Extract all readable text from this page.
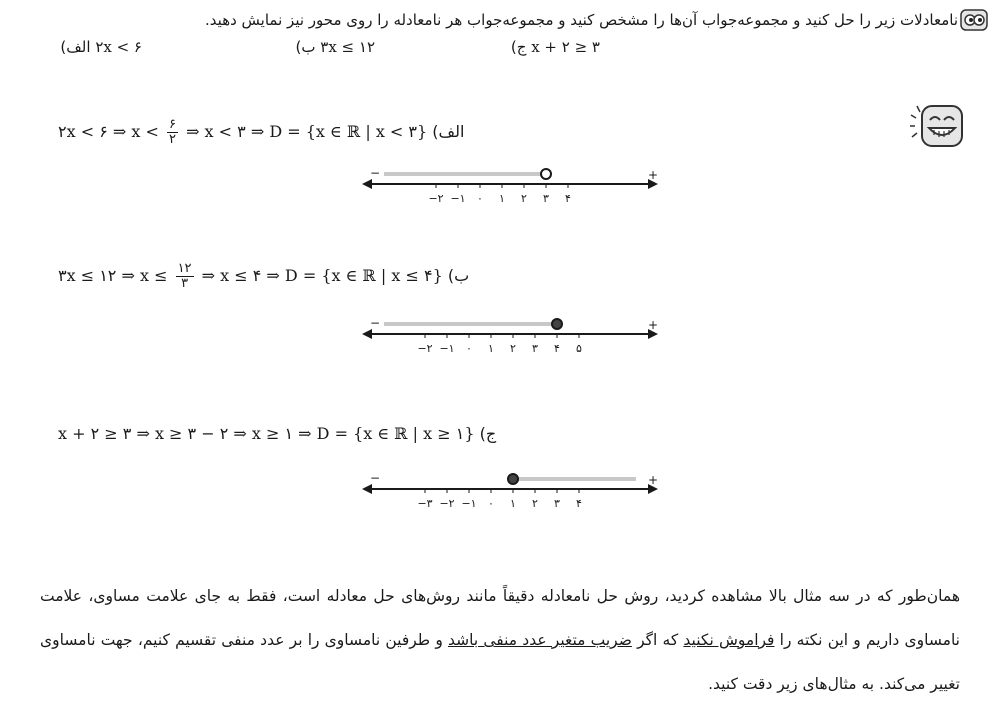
نامعادلات زیر را حل کنید و مجموعه‌جواب آن‌ها را مشخص کنید و مجموعه‌جواب هر نامعادله را روی محور نیز نمایش دهید.
۲x < ۶ الف)	۳x ≤ ۱۲ ب)	x + ۲ ≥ ۳ ج)
الف) ۲x < ۶ ⇒ $x < \frac{۶}{۲}$ ⇒ x < ۳ ⇒ D = {x ∈ ℝ | x < ۳}
−	+
−۲ −۱ ۰ ۱ ۲ ۳ ۴
ب) ۳x ≤ ۱۲ ⇒ $x \le \frac{۱۲}{۳}$ ⇒ x ≤ ۴ ⇒ D = {x ∈ ℝ | x ≤ ۴}
−	+
−۲ −۱ ۰ ۱ ۲ ۳ ۴ ۵
ج) x + ۲ ≥ ۳ ⇒ x ≥ ۳ − ۲ ⇒ x ≥ ۱ ⇒ D = {x ∈ ℝ | x ≥ ۱}
−	+
−۳ −۲ −۱ ۰ ۱ ۲ ۳ ۴
همان‌طور که در سه مثال بالا مشاهده کردید، روش حل نامعادله دقیقاً مانند روش‌های حل معادله است، فقط به جای علامت مساوی، علامت نامساوی داریم و این نکته را فراموش نکنید که اگر ضریب متغیر عدد منفی باشد و طرفین نامساوی را بر عدد منفی تقسیم کنیم، جهت نامساوی تغییر می‌کند. به مثال‌های زیر دقت کنید.
